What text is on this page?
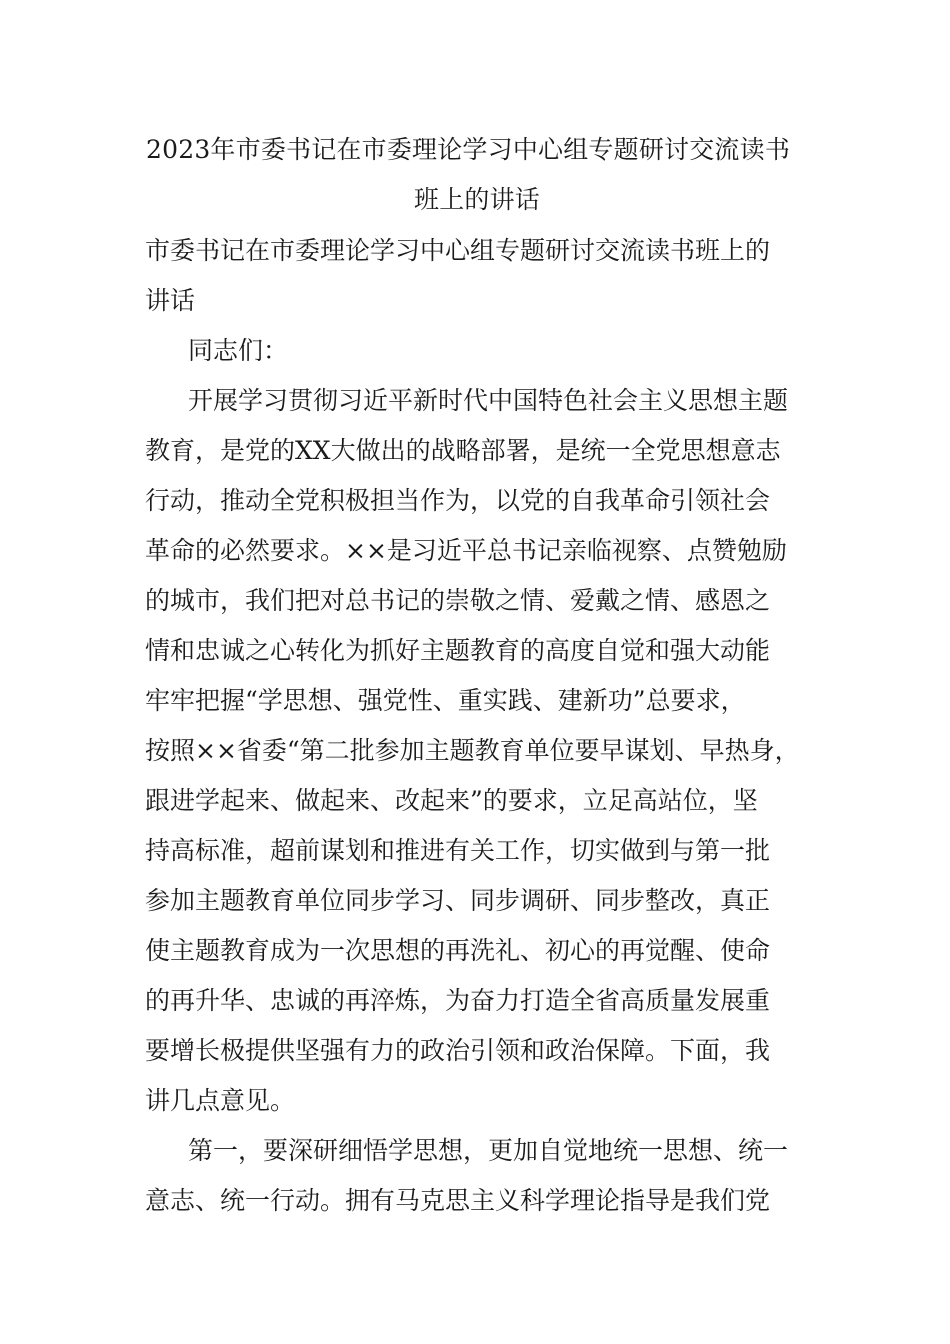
2023年市委书记在市委理论学习中心组专题研讨交流读书
班上的讲话
市委书记在市委理论学习中心组专题研讨交流读书班上的
讲话
同志们：
开展学习贯彻习近平新时代中国特色社会主义思想主题
教育，是党的XX大做出的战略部署，是统一全党思想意志
行动，推动全党积极担当作为，以党的自我革命引领社会
革命的必然要求。××是习近平总书记亲临视察、点赞勉励
的城市，我们把对总书记的崇敬之情、爱戴之情、感恩之
情和忠诚之心转化为抓好主题教育的高度自觉和强大动能
牢牢把握“学思想、强党性、重实践、建新功”总要求，
按照××省委“第二批参加主题教育单位要早谋划、早热身，
跟进学起来、做起来、改起来”的要求，立足高站位，坚
持高标准，超前谋划和推进有关工作，切实做到与第一批
参加主题教育单位同步学习、同步调研、同步整改，真正
使主题教育成为一次思想的再洗礼、初心的再觉醒、使命
的再升华、忠诚的再淬炼，为奋力打造全省高质量发展重
要增长极提供坚强有力的政治引领和政治保障。下面，我
讲几点意见。
第一，要深研细悟学思想，更加自觉地统一思想、统一
意志、统一行动。拥有马克思主义科学理论指导是我们党
